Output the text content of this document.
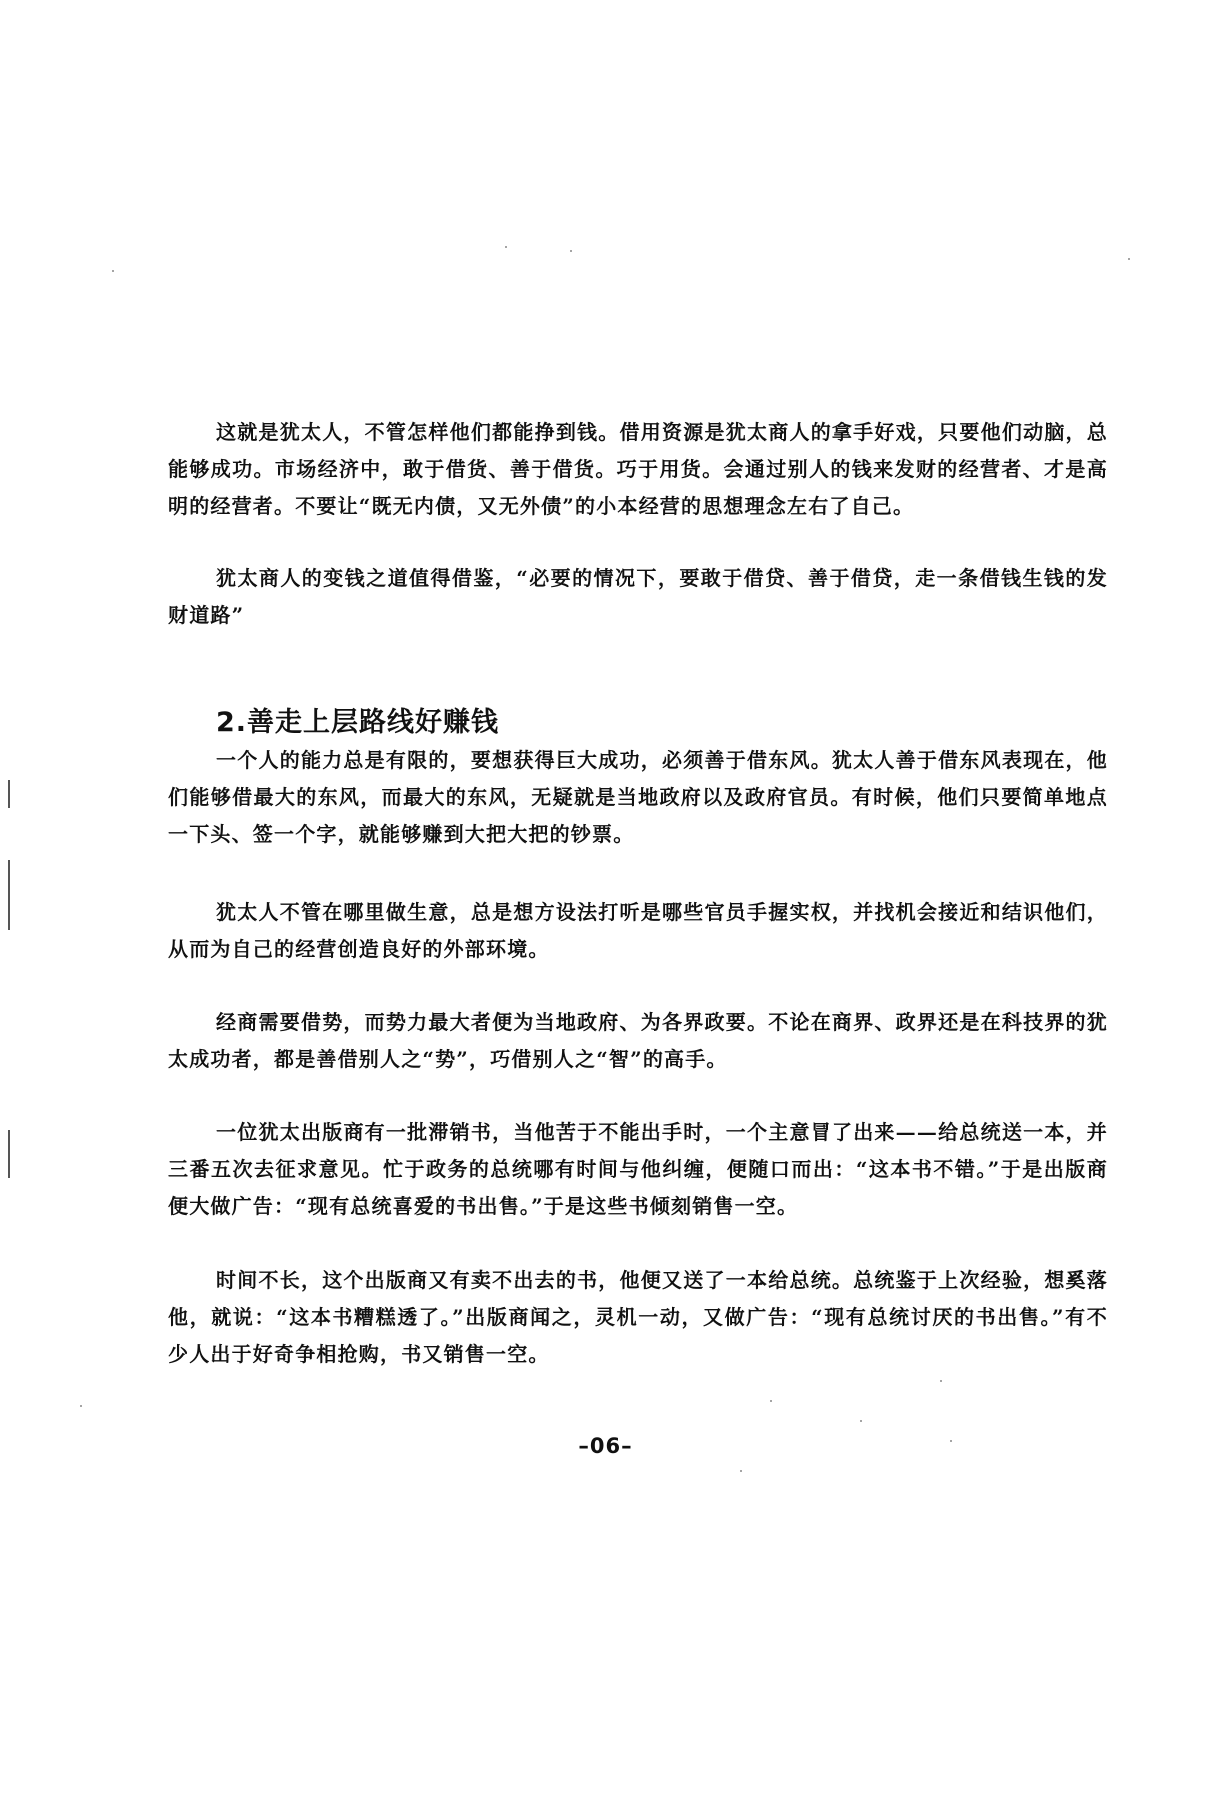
这就是犹太人，不管怎样他们都能挣到钱。借用资源是犹太商人的拿手好戏，只要他们动脑，总能够成功。市场经济中，敢于借货、善于借货。巧于用货。会通过别人的钱来发财的经营者、才是高明的经营者。不要让“既无内债，又无外债”的小本经营的思想理念左右了自己。

犹太商人的变钱之道值得借鉴，“必要的情况下，要敢于借贷、善于借贷，走一条借钱生钱的发财道路”

2.善走上层路线好赚钱

一个人的能力总是有限的，要想获得巨大成功，必须善于借东风。犹太人善于借东风表现在，他们能够借最大的东风，而最大的东风，无疑就是当地政府以及政府官员。有时候，他们只要简单地点一下头、签一个字，就能够赚到大把大把的钞票。

犹太人不管在哪里做生意，总是想方设法打听是哪些官员手握实权，并找机会接近和结识他们，从而为自己的经营创造良好的外部环境。

经商需要借势，而势力最大者便为当地政府、为各界政要。不论在商界、政界还是在科技界的犹太成功者，都是善借别人之“势”，巧借别人之“智”的高手。

一位犹太出版商有一批滞销书，当他苦于不能出手时，一个主意冒了出来——给总统送一本，并三番五次去征求意见。忙于政务的总统哪有时间与他纠缠，便随口而出：“这本书不错。”于是出版商便大做广告：“现有总统喜爱的书出售。”于是这些书倾刻销售一空。

时间不长，这个出版商又有卖不出去的书，他便又送了一本给总统。总统鉴于上次经验，想奚落他，就说：“这本书糟糕透了。”出版商闻之，灵机一动，又做广告：“现有总统讨厌的书出售。”有不少人出于好奇争相抢购，书又销售一空。

–06–
